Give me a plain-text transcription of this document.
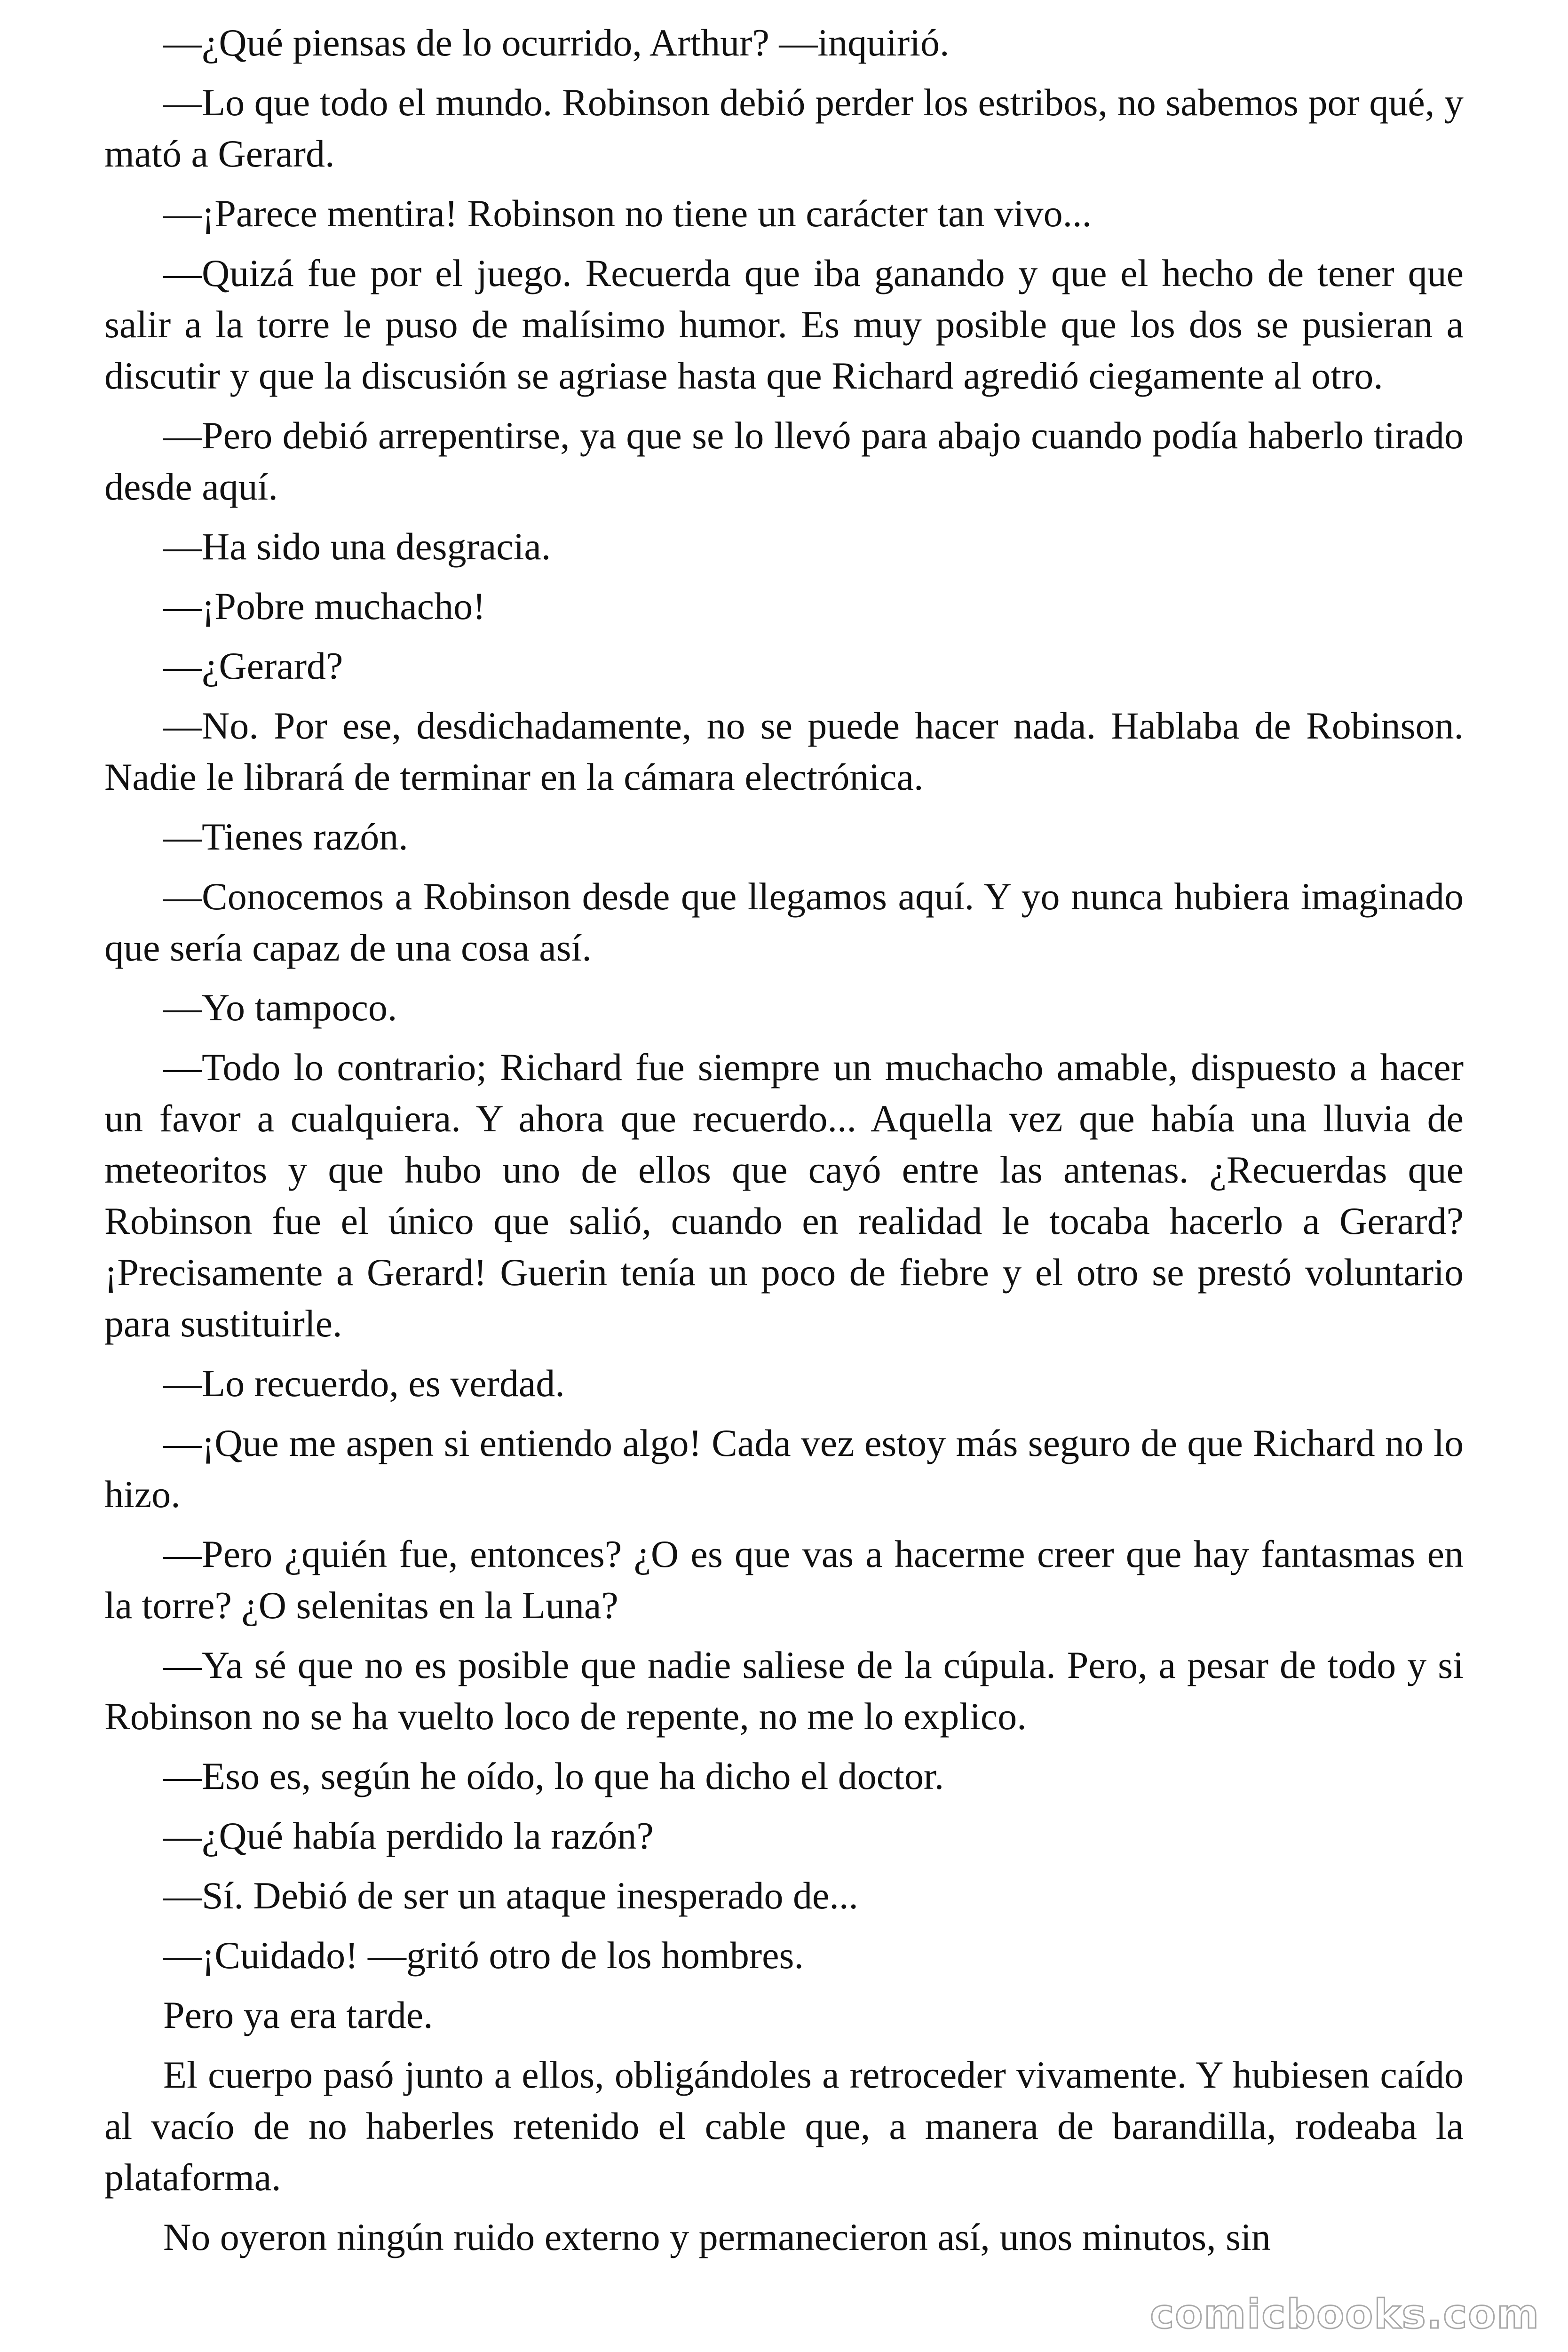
—¿Qué piensas de lo ocurrido, Arthur? —inquirió.

—Lo que todo el mundo. Robinson debió perder los estribos, no sabemos por qué, y mató a Gerard.

—¡Parece mentira! Robinson no tiene un carácter tan vivo...

—Quizá fue por el juego. Recuerda que iba ganando y que el hecho de tener que salir a la torre le puso de malísimo humor. Es muy posible que los dos se pusieran a discutir y que la discusión se agriase hasta que Richard agredió ciegamente al otro.

—Pero debió arrepentirse, ya que se lo llevó para abajo cuando podía haberlo tirado desde aquí.

—Ha sido una desgracia.

—¡Pobre muchacho!

—¿Gerard?

—No. Por ese, desdichadamente, no se puede hacer nada. Hablaba de Robinson. Nadie le librará de terminar en la cámara electrónica.

—Tienes razón.

—Conocemos a Robinson desde que llegamos aquí. Y yo nunca hubiera imaginado que sería capaz de una cosa así.

—Yo tampoco.

—Todo lo contrario; Richard fue siempre un muchacho amable, dispuesto a hacer un favor a cualquiera. Y ahora que recuerdo... Aquella vez que había una lluvia de meteoritos y que hubo uno de ellos que cayó entre las antenas. ¿Recuerdas que Robinson fue el único que salió, cuando en realidad le tocaba hacerlo a Gerard? ¡Precisamente a Gerard! Guerin tenía un poco de fiebre y el otro se prestó voluntario para sustituirle.

—Lo recuerdo, es verdad.

—¡Que me aspen si entiendo algo! Cada vez estoy más seguro de que Richard no lo hizo.

—Pero ¿quién fue, entonces? ¿O es que vas a hacerme creer que hay fantasmas en la torre? ¿O selenitas en la Luna?

—Ya sé que no es posible que nadie saliese de la cúpula. Pero, a pesar de todo y si Robinson no se ha vuelto loco de repente, no me lo explico.

—Eso es, según he oído, lo que ha dicho el doctor.

—¿Qué había perdido la razón?

—Sí. Debió de ser un ataque inesperado de...

—¡Cuidado! —gritó otro de los hombres.

Pero ya era tarde.

El cuerpo pasó junto a ellos, obligándoles a retroceder vivamente. Y hubiesen caído al vacío de no haberles retenido el cable que, a manera de barandilla, rodeaba la plataforma.

No oyeron ningún ruido externo y permanecieron así, unos minutos, sin

comicbooks.com
